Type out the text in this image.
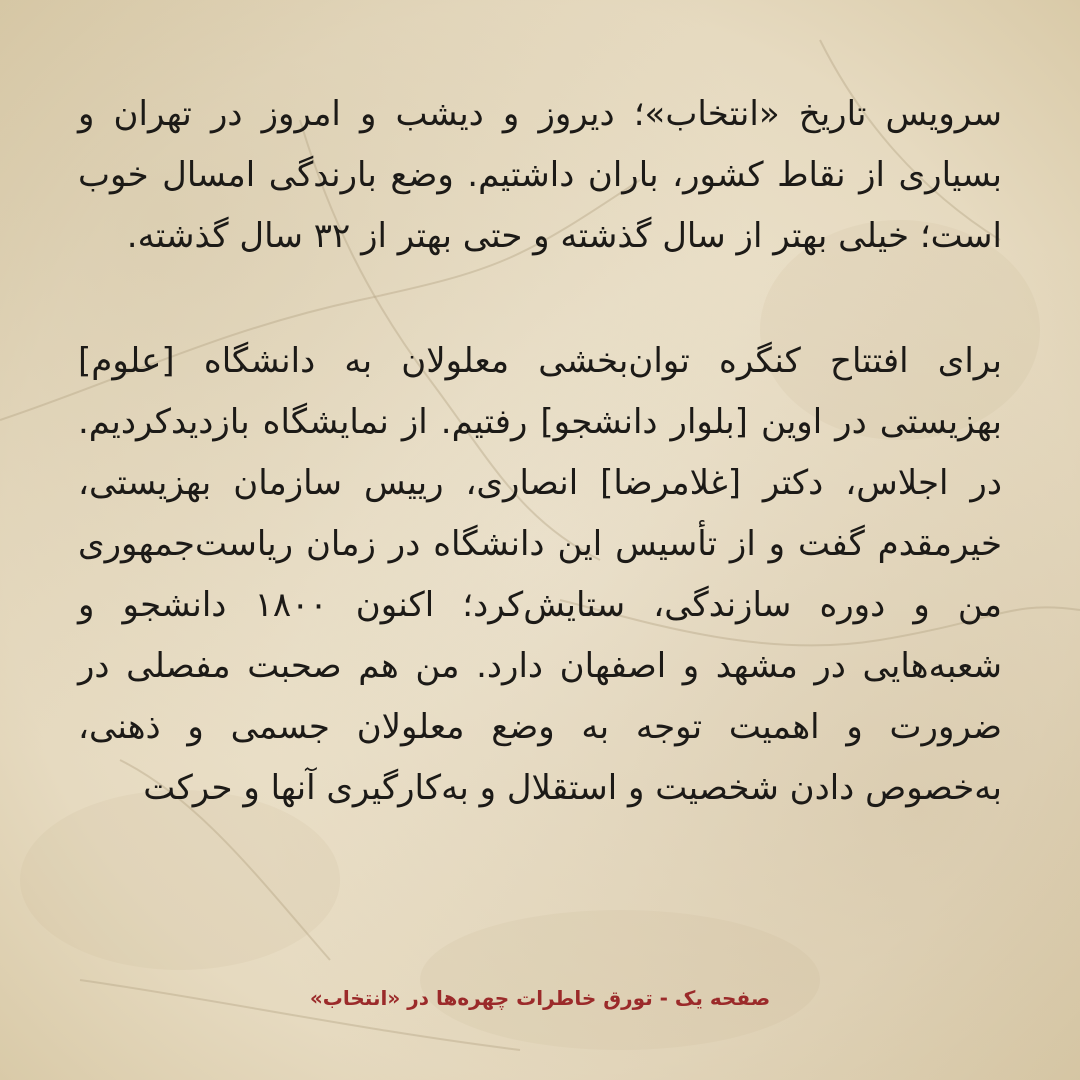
سرویس تاریخ «انتخاب»؛ دیروز و دیشب و امروز در تهران و بسیاری از نقاط کشور، باران داشتیم. وضع بارندگی امسال خوب است؛ خیلی بهتر از سال گذشته و حتی بهتر از ۳۲ سال گذشته.

برای افتتاح کنگره توان‌بخشی معلولان به دانشگاه [علوم] بهزیستی در اوین [بلوار دانشجو] رفتیم. از نمایشگاه بازدیدکردیم. در اجلاس، دکتر [غلامرضا] انصاری، رییس سازمان بهزیستی، خیرمقدم گفت و از تأسیس این دانشگاه در زمان ریاست‌جمهوری من و دوره سازندگی، ستایش‌کرد؛ اکنون ۱۸۰۰ دانشجو و شعبه‌هایی در مشهد و اصفهان دارد. من هم صحبت مفصلی در ضرورت و اهمیت توجه به وضع معلولان جسمی و ذهنی، به‌خصوص دادن شخصیت و استقلال و به‌کارگیری آنها و حرکت

صفحه یک - تورق خاطرات چهره‌ها در «انتخاب»
